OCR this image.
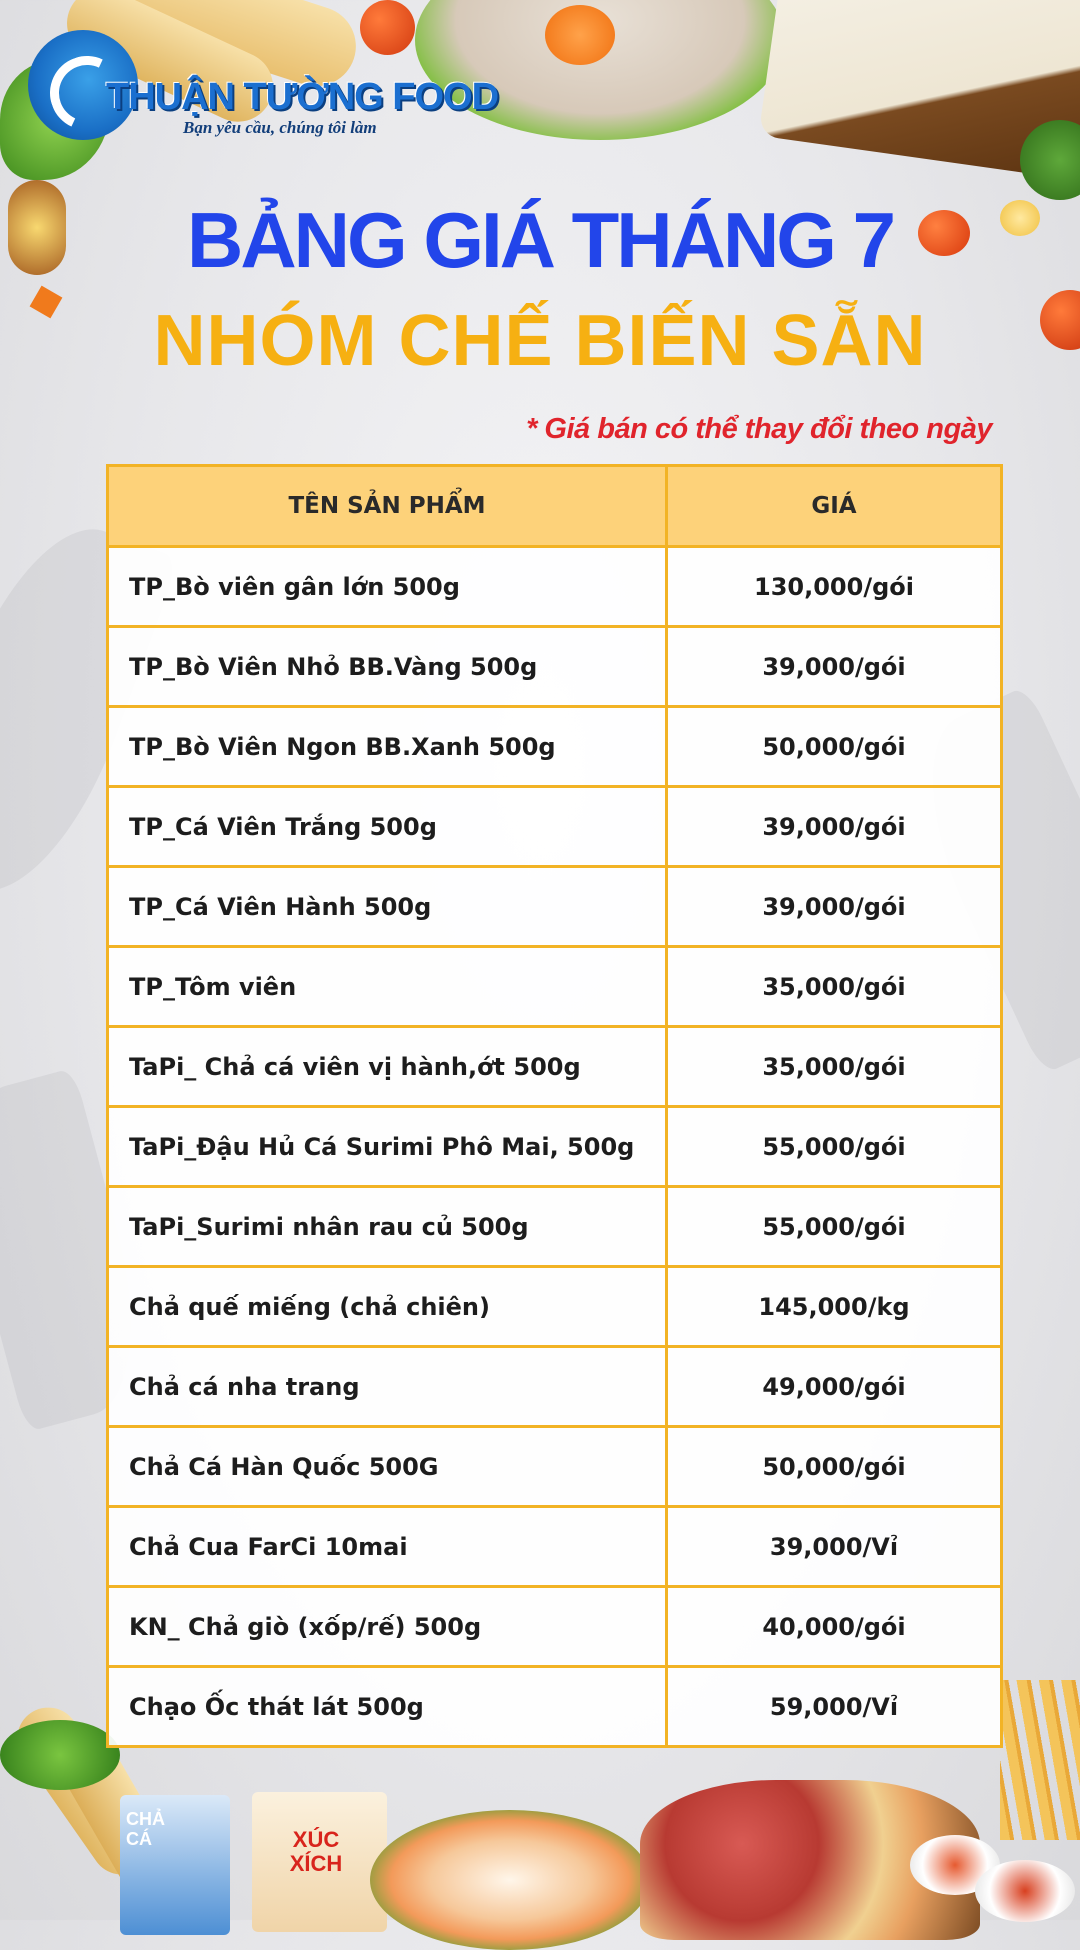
CHẢ CÁ	XÚC XÍCH
THUẬN TƯỜNG FOOD
Bạn yêu cầu, chúng tôi làm
BẢNG GIÁ THÁNG 7
NHÓM CHẾ BIẾN SẴN
* Giá bán có thể thay đổi theo ngày
TÊN SẢN PHẨM	GIÁ
TP_Bò viên gân lớn 500g	130,000/gói
TP_Bò Viên Nhỏ BB.Vàng 500g	39,000/gói
TP_Bò Viên Ngon BB.Xanh 500g	50,000/gói
TP_Cá Viên Trắng 500g	39,000/gói
TP_Cá Viên Hành 500g	39,000/gói
TP_Tôm viên	35,000/gói
TaPi_ Chả cá viên vị hành,ớt 500g	35,000/gói
TaPi_Đậu Hủ Cá Surimi Phô Mai, 500g	55,000/gói
TaPi_Surimi nhân rau củ 500g	55,000/gói
Chả quế miếng (chả chiên)	145,000/kg
Chả cá nha trang	49,000/gói
Chả Cá Hàn Quốc 500G	50,000/gói
Chả Cua FarCi 10mai	39,000/Vỉ
KN_ Chả giò (xốp/rế) 500g	40,000/gói
Chạo Ốc thát lát 500g	59,000/Vỉ
